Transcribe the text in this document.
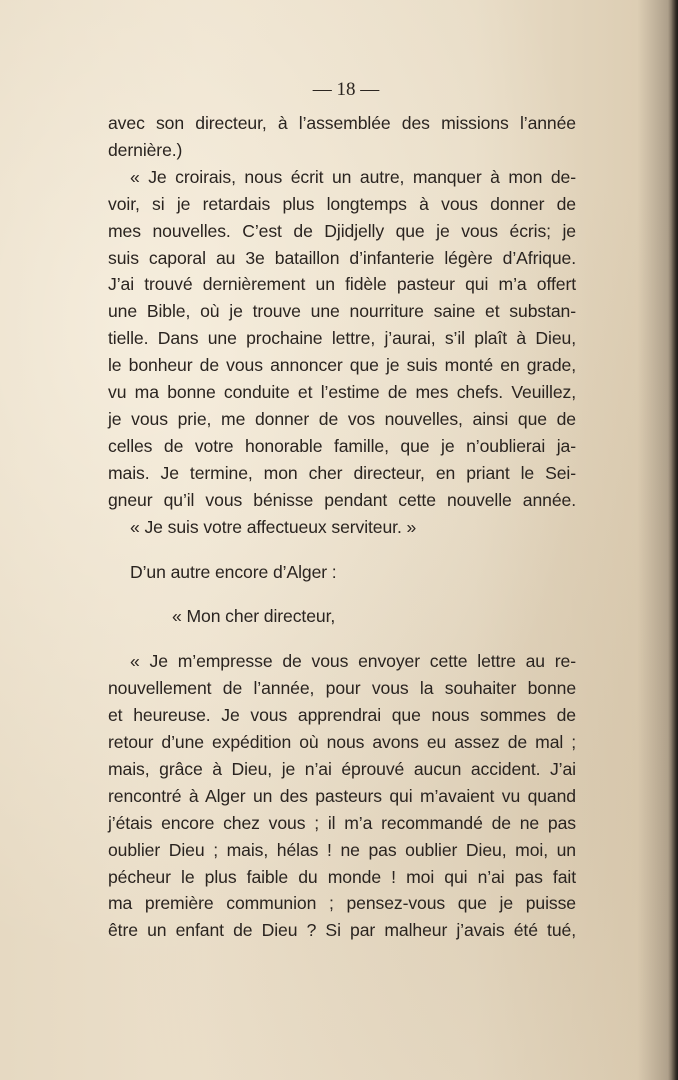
— 18 —
avec son directeur, à l’assemblée des missions l’année
dernière.)
« Je croirais, nous écrit un autre, manquer à mon de-
voir, si je retardais plus longtemps à vous donner de
mes nouvelles. C’est de Djidjelly que je vous écris; je
suis caporal au 3e bataillon d’infanterie légère d’Afrique.
J’ai trouvé dernièrement un fidèle pasteur qui m’a offert
une Bible, où je trouve une nourriture saine et substan-
tielle. Dans une prochaine lettre, j’aurai, s’il plaît à Dieu,
le bonheur de vous annoncer que je suis monté en grade,
vu ma bonne conduite et l’estime de mes chefs. Veuillez,
je vous prie, me donner de vos nouvelles, ainsi que de
celles de votre honorable famille, que je n’oublierai ja-
mais. Je termine, mon cher directeur, en priant le Sei-
gneur qu’il vous bénisse pendant cette nouvelle année.
« Je suis votre affectueux serviteur. »
D’un autre encore d’Alger :
« Mon cher directeur,
« Je m’empresse de vous envoyer cette lettre au re-
nouvellement de l’année, pour vous la souhaiter bonne
et heureuse. Je vous apprendrai que nous sommes de
retour d’une expédition où nous avons eu assez de mal ;
mais, grâce à Dieu, je n’ai éprouvé aucun accident. J’ai
rencontré à Alger un des pasteurs qui m’avaient vu quand
j’étais encore chez vous ; il m’a recommandé de ne pas
oublier Dieu ; mais, hélas ! ne pas oublier Dieu, moi, un
pécheur le plus faible du monde ! moi qui n’ai pas fait
ma première communion ; pensez-vous que je puisse
être un enfant de Dieu ? Si par malheur j’avais été tué,
